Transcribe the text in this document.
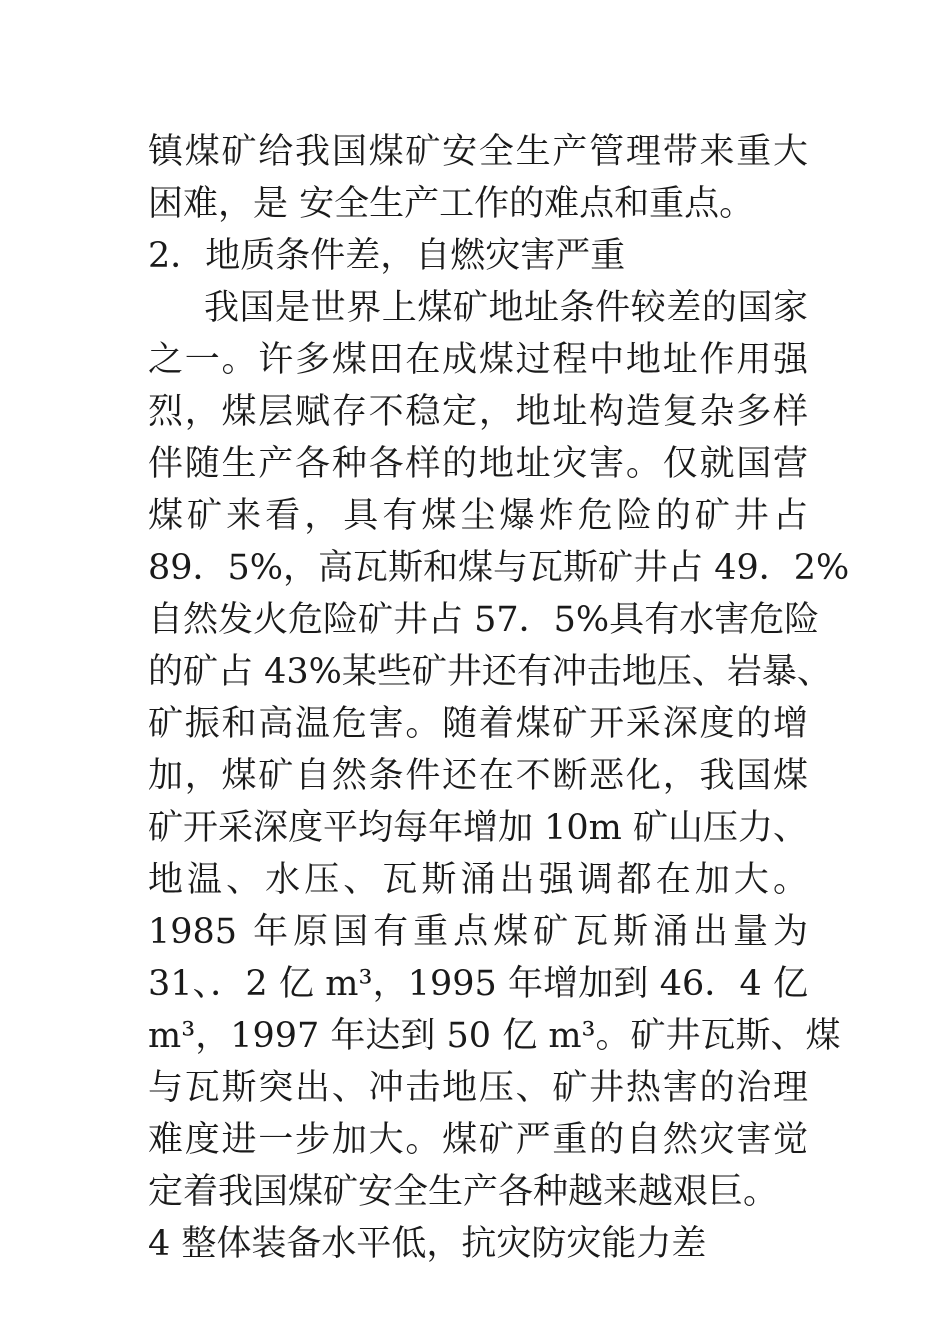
镇煤矿给我国煤矿安全生产管理带来重大
困难，是 安全生产工作的难点和重点。
2．地质条件差，自燃灾害严重
我国是世界上煤矿地址条件较差的国家
之一。许多煤田在成煤过程中地址作用强
烈，煤层赋存不稳定，地址构造复杂多样
伴随生产各种各样的地址灾害。仅就国营
煤矿来看，具有煤尘爆炸危险的矿井占
89．5%，高瓦斯和煤与瓦斯矿井占 49．2%
自然发火危险矿井占 57．5%具有水害危险
的矿占 43%某些矿井还有冲击地压、岩暴、
矿振和高温危害。随着煤矿开采深度的增
加，煤矿自然条件还在不断恶化，我国煤
矿开采深度平均每年增加 10m 矿山压力、
地温、水压、瓦斯涌出强调都在加大。
1985 年原国有重点煤矿瓦斯涌出量为
31、．2 亿 m³，1995 年增加到 46．4 亿
m³，1997 年达到 50 亿 m³。矿井瓦斯、煤
与瓦斯突出、冲击地压、矿井热害的治理
难度进一步加大。煤矿严重的自然灾害觉
定着我国煤矿安全生产各种越来越艰巨。
4 整体装备水平低，抗灾防灾能力差
